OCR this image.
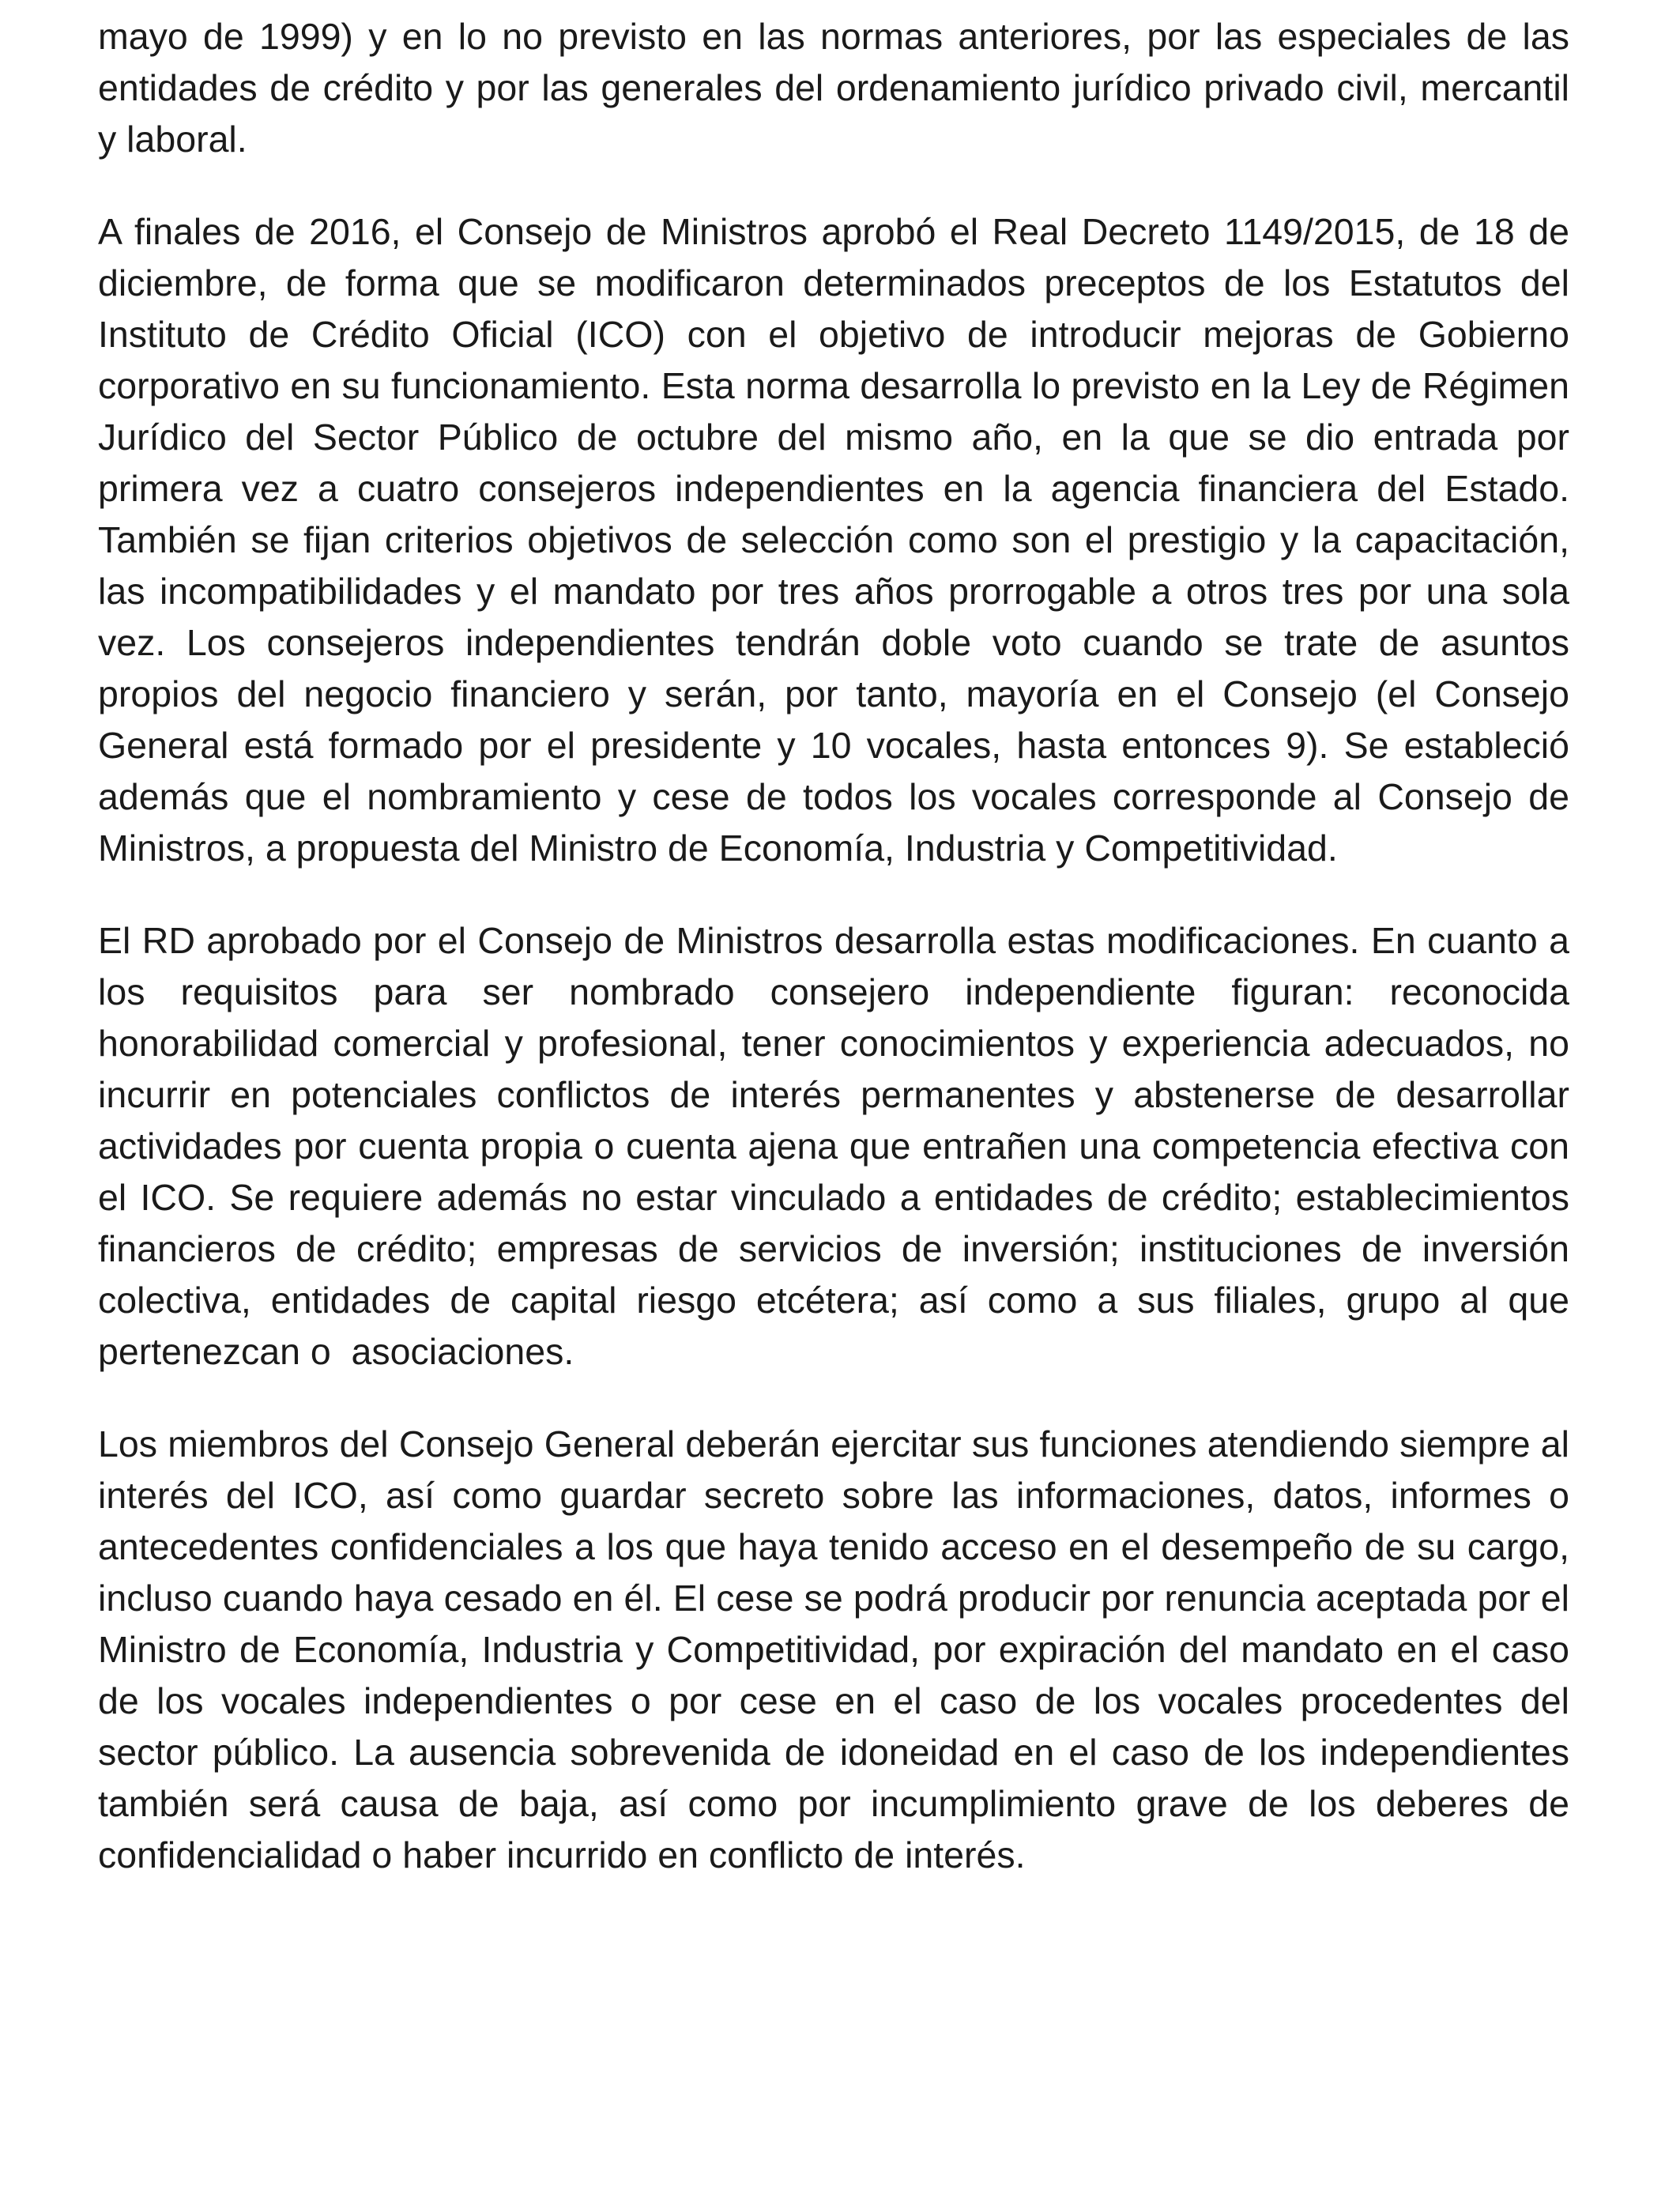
mayo de 1999) y en lo no previsto en las normas anteriores, por las especiales de las entidades de crédito y por las generales del ordenamiento jurídico privado civil, mercantil y laboral.

A finales de 2016, el Consejo de Ministros aprobó el Real Decreto 1149/2015, de 18 de diciembre, de forma que se modificaron determinados preceptos de los Estatutos del Instituto de Crédito Oficial (ICO) con el objetivo de introducir mejoras de Gobierno corporativo en su funcionamiento. Esta norma desarrolla lo previsto en la Ley de Régimen Jurídico del Sector Público de octubre del mismo año, en la que se dio entrada por primera vez a cuatro consejeros independientes en la agencia financiera del Estado. También se fijan criterios objetivos de selección como son el prestigio y la capacitación, las incompatibilidades y el mandato por tres años prorrogable a otros tres por una sola vez. Los consejeros independientes tendrán doble voto cuando se trate de asuntos propios del negocio financiero y serán, por tanto, mayoría en el Consejo (el Consejo General está formado por el presidente y 10 vocales, hasta entonces 9). Se estableció además que el nombramiento y cese de todos los vocales corresponde al Consejo de Ministros, a propuesta del Ministro de Economía, Industria y Competitividad.

El RD aprobado por el Consejo de Ministros desarrolla estas modificaciones. En cuanto a los requisitos para ser nombrado consejero independiente figuran: reconocida honorabilidad comercial y profesional, tener conocimientos y experiencia adecuados, no incurrir en potenciales conflictos de interés permanentes y abstenerse de desarrollar actividades por cuenta propia o cuenta ajena que entrañen una competencia efectiva con el ICO. Se requiere además no estar vinculado a entidades de crédito; establecimientos financieros de crédito; empresas de servicios de inversión; instituciones de inversión colectiva, entidades de capital riesgo etcétera; así como a sus filiales, grupo al que pertenezcan o  asociaciones.

Los miembros del Consejo General deberán ejercitar sus funciones atendiendo siempre al interés del ICO, así como guardar secreto sobre las informaciones, datos, informes o antecedentes confidenciales a los que haya tenido acceso en el desempeño de su cargo, incluso cuando haya cesado en él. El cese se podrá producir por renuncia aceptada por el Ministro de Economía, Industria y Competitividad, por expiración del mandato en el caso de los vocales independientes o por cese en el caso de los vocales procedentes del sector público. La ausencia sobrevenida de idoneidad en el caso de los independientes también será causa de baja, así como por incumplimiento grave de los deberes de confidencialidad o haber incurrido en conflicto de interés.
